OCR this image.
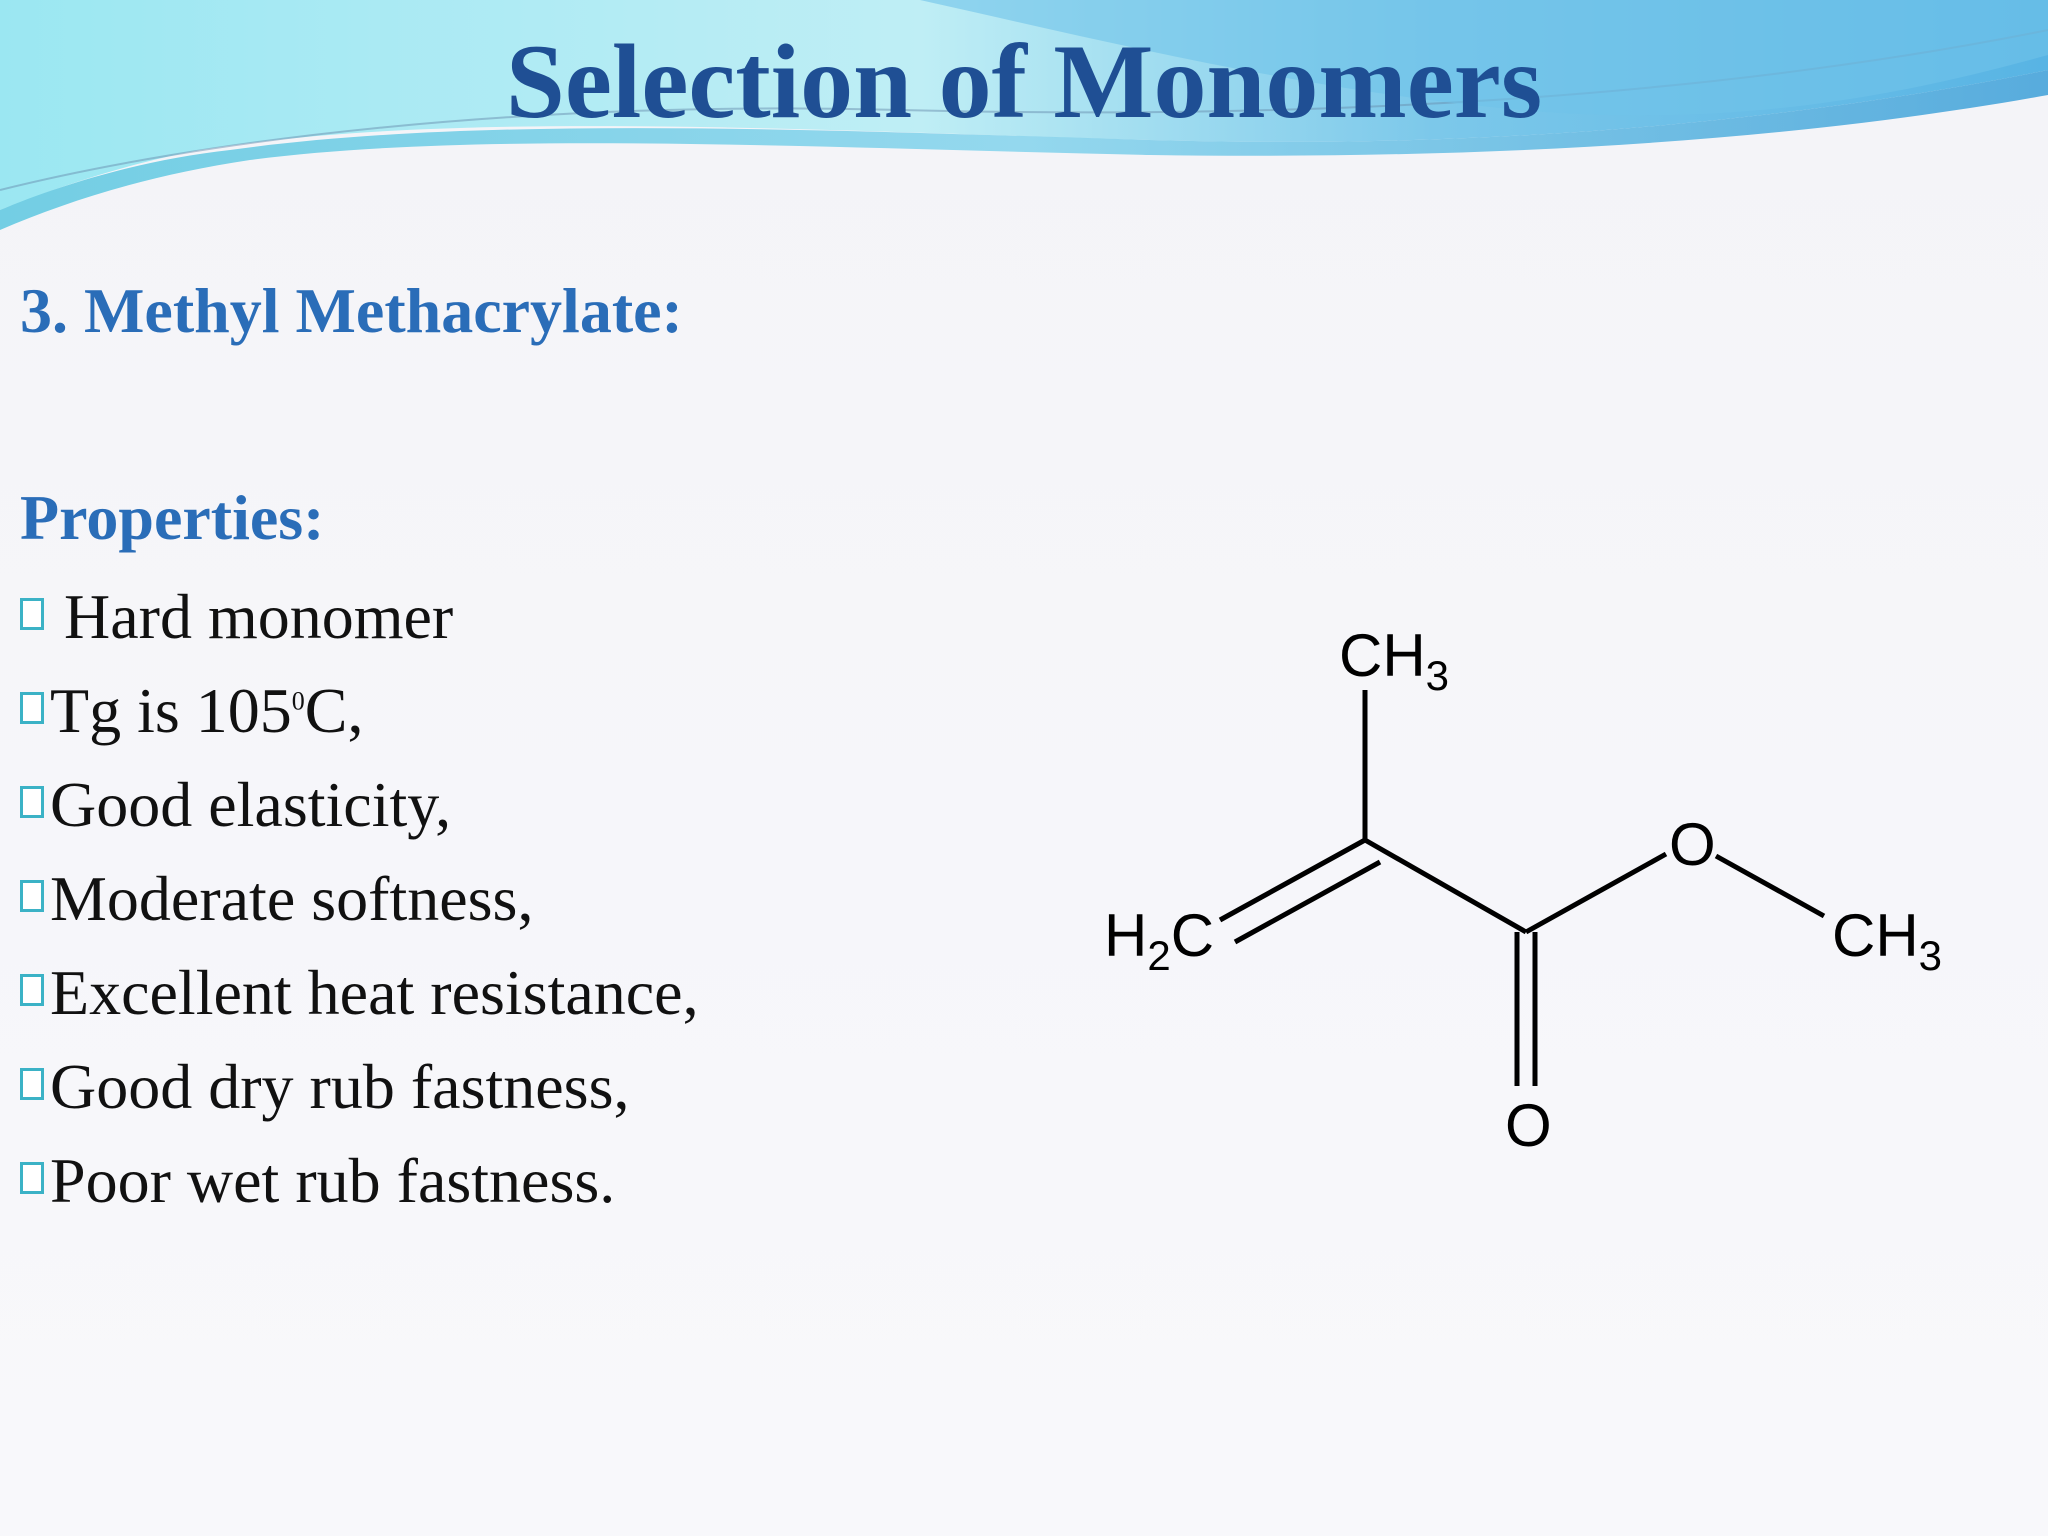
Selection of Monomers
3. Methyl Methacrylate:
Properties:
Hard monomer
Tg is $105^0C$,
Good elasticity,
Moderate softness,
Excellent heat resistance,
Good dry rub fastness,
Poor wet rub fastness.
$CH_3$
$H_2C$
O
O
$CH_3$
